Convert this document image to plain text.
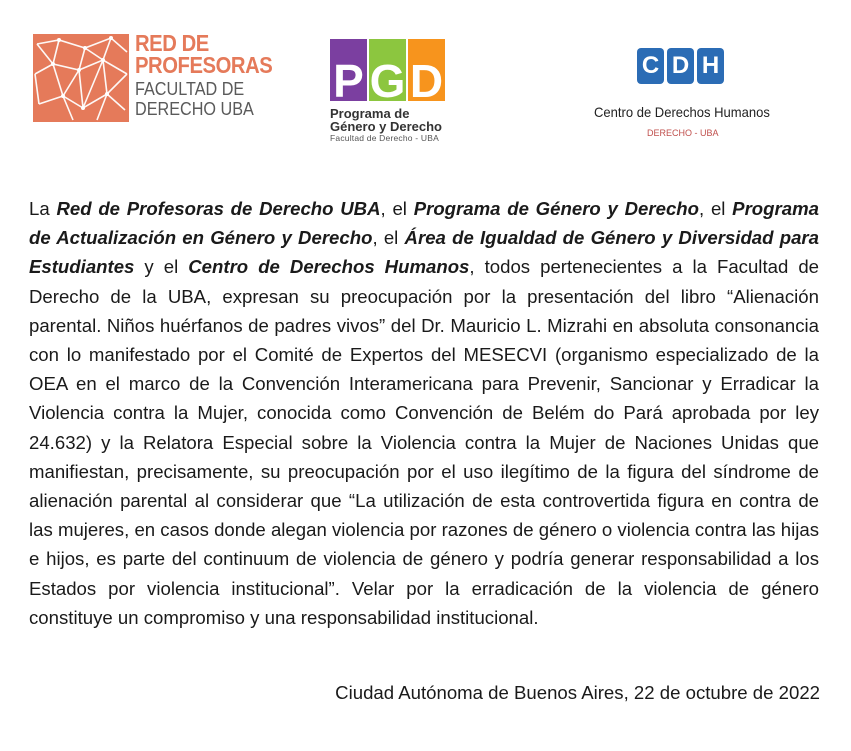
RED DE
PROFESORAS
FACULTAD DE
DERECHO UBA
P G D
Programa de
Género y Derecho
Facultad de Derecho - UBA
C D H
Centro de Derechos Humanos
DERECHO - UBA

La Red de Profesoras de Derecho UBA, el Programa de Género y Derecho, el Programa de Actualización en Género y Derecho, el Área de Igualdad de Género y Diversidad para Estudiantes y el Centro de Derechos Humanos, todos pertenecientes a la Facultad de Derecho de la UBA, expresan su preocupación por la presentación del libro “Alienación parental. Niños huérfanos de padres vivos” del Dr. Mauricio L. Mizrahi en absoluta consonancia con lo manifestado por el Comité de Expertos del MESECVI (organismo especializado de la OEA en el marco de la Convención Interamericana para Prevenir, Sancionar y Erradicar la Violencia contra la Mujer, conocida como Convención de Belém do Pará aprobada por ley 24.632) y la Relatora Especial sobre la Violencia contra la Mujer de Naciones Unidas que manifiestan, precisamente, su preocupación por el uso ilegítimo de la figura del síndrome de alienación parental al considerar que “La utilización de esta controvertida figura en contra de las mujeres, en casos donde alegan violencia por razones de género o violencia contra las hijas e hijos, es parte del continuum de violencia de género y podría generar responsabilidad a los Estados por violencia institucional”. Velar por la erradicación de la violencia de género constituye un compromiso y una responsabilidad institucional.

Ciudad Autónoma de Buenos Aires, 22 de octubre de 2022
